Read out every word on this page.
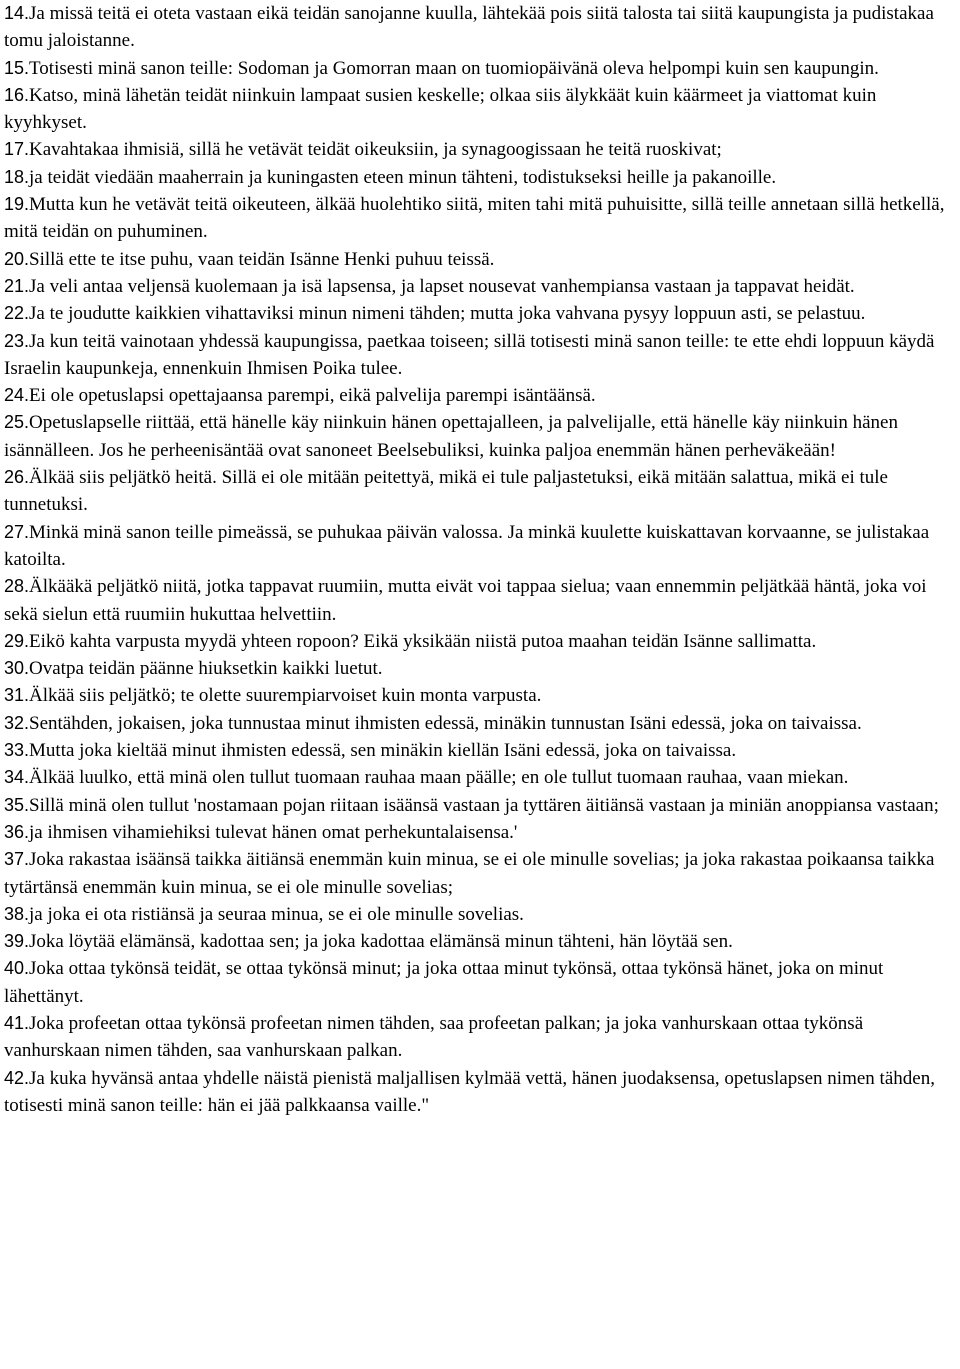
14.Ja missä teitä ei oteta vastaan eikä teidän sanojanne kuulla, lähtekää pois siitä talosta tai siitä kaupungista ja pudistakaa tomu jaloistanne.

15.Totisesti minä sanon teille: Sodoman ja Gomorran maan on tuomiopäivänä oleva helpompi kuin sen kaupungin.

16.Katso, minä lähetän teidät niinkuin lampaat susien keskelle; olkaa siis älykkäät kuin käärmeet ja viattomat kuin kyyhkyset.

17.Kavahtakaa ihmisiä, sillä he vetävät teidät oikeuksiin, ja synagoogissaan he teitä ruoskivat;

18.ja teidät viedään maaherrain ja kuningasten eteen minun tähteni, todistukseksi heille ja pakanoille.

19.Mutta kun he vetävät teitä oikeuteen, älkää huolehtiko siitä, miten tahi mitä puhuisitte, sillä teille annetaan sillä hetkellä, mitä teidän on puhuminen.

20.Sillä ette te itse puhu, vaan teidän Isänne Henki puhuu teissä.

21.Ja veli antaa veljensä kuolemaan ja isä lapsensa, ja lapset nousevat vanhempiansa vastaan ja tappavat heidät.

22.Ja te joudutte kaikkien vihattaviksi minun nimeni tähden; mutta joka vahvana pysyy loppuun asti, se pelastuu.

23.Ja kun teitä vainotaan yhdessä kaupungissa, paetkaa toiseen; sillä totisesti minä sanon teille: te ette ehdi loppuun käydä Israelin kaupunkeja, ennenkuin Ihmisen Poika tulee.

24.Ei ole opetuslapsi opettajaansa parempi, eikä palvelija parempi isäntäänsä.

25.Opetuslapselle riittää, että hänelle käy niinkuin hänen opettajalleen, ja palvelijalle, että hänelle käy niinkuin hänen isännälleen. Jos he perheenisäntää ovat sanoneet Beelsebuliksi, kuinka paljoa enemmän hänen perheväkeään!

26.Älkää siis peljätkö heitä. Sillä ei ole mitään peitettyä, mikä ei tule paljastetuksi, eikä mitään salattua, mikä ei tule tunnetuksi.

27.Minkä minä sanon teille pimeässä, se puhukaa päivän valossa. Ja minkä kuulette kuiskattavan korvaanne, se julistakaa katoilta.

28.Älkääkä peljätkö niitä, jotka tappavat ruumiin, mutta eivät voi tappaa sielua; vaan ennemmin peljätkää häntä, joka voi sekä sielun että ruumiin hukuttaa helvettiin.

29.Eikö kahta varpusta myydä yhteen ropoon? Eikä yksikään niistä putoa maahan teidän Isänne sallimatta.

30.Ovatpa teidän päänne hiuksetkin kaikki luetut.

31.Älkää siis peljätkö; te olette suurempiarvoiset kuin monta varpusta.

32.Sentähden, jokaisen, joka tunnustaa minut ihmisten edessä, minäkin tunnustan Isäni edessä, joka on taivaissa.

33.Mutta joka kieltää minut ihmisten edessä, sen minäkin kiellän Isäni edessä, joka on taivaissa.

34.Älkää luulko, että minä olen tullut tuomaan rauhaa maan päälle; en ole tullut tuomaan rauhaa, vaan miekan.

35.Sillä minä olen tullut 'nostamaan pojan riitaan isäänsä vastaan ja tyttären äitiänsä vastaan ja miniän anoppiansa vastaan;

36.ja ihmisen vihamiehiksi tulevat hänen omat perhekuntalaisensa.'

37.Joka rakastaa isäänsä taikka äitiänsä enemmän kuin minua, se ei ole minulle sovelias; ja joka rakastaa poikaansa taikka tytärtänsä enemmän kuin minua, se ei ole minulle sovelias;

38.ja joka ei ota ristiänsä ja seuraa minua, se ei ole minulle sovelias.

39.Joka löytää elämänsä, kadottaa sen; ja joka kadottaa elämänsä minun tähteni, hän löytää sen.

40.Joka ottaa tykönsä teidät, se ottaa tykönsä minut; ja joka ottaa minut tykönsä, ottaa tykönsä hänet, joka on minut lähettänyt.

41.Joka profeetan ottaa tykönsä profeetan nimen tähden, saa profeetan palkan; ja joka vanhurskaan ottaa tykönsä vanhurskaan nimen tähden, saa vanhurskaan palkan.

42.Ja kuka hyvänsä antaa yhdelle näistä pienistä maljallisen kylmää vettä, hänen juodaksensa, opetuslapsen nimen tähden, totisesti minä sanon teille: hän ei jää palkkaansa vaille."
